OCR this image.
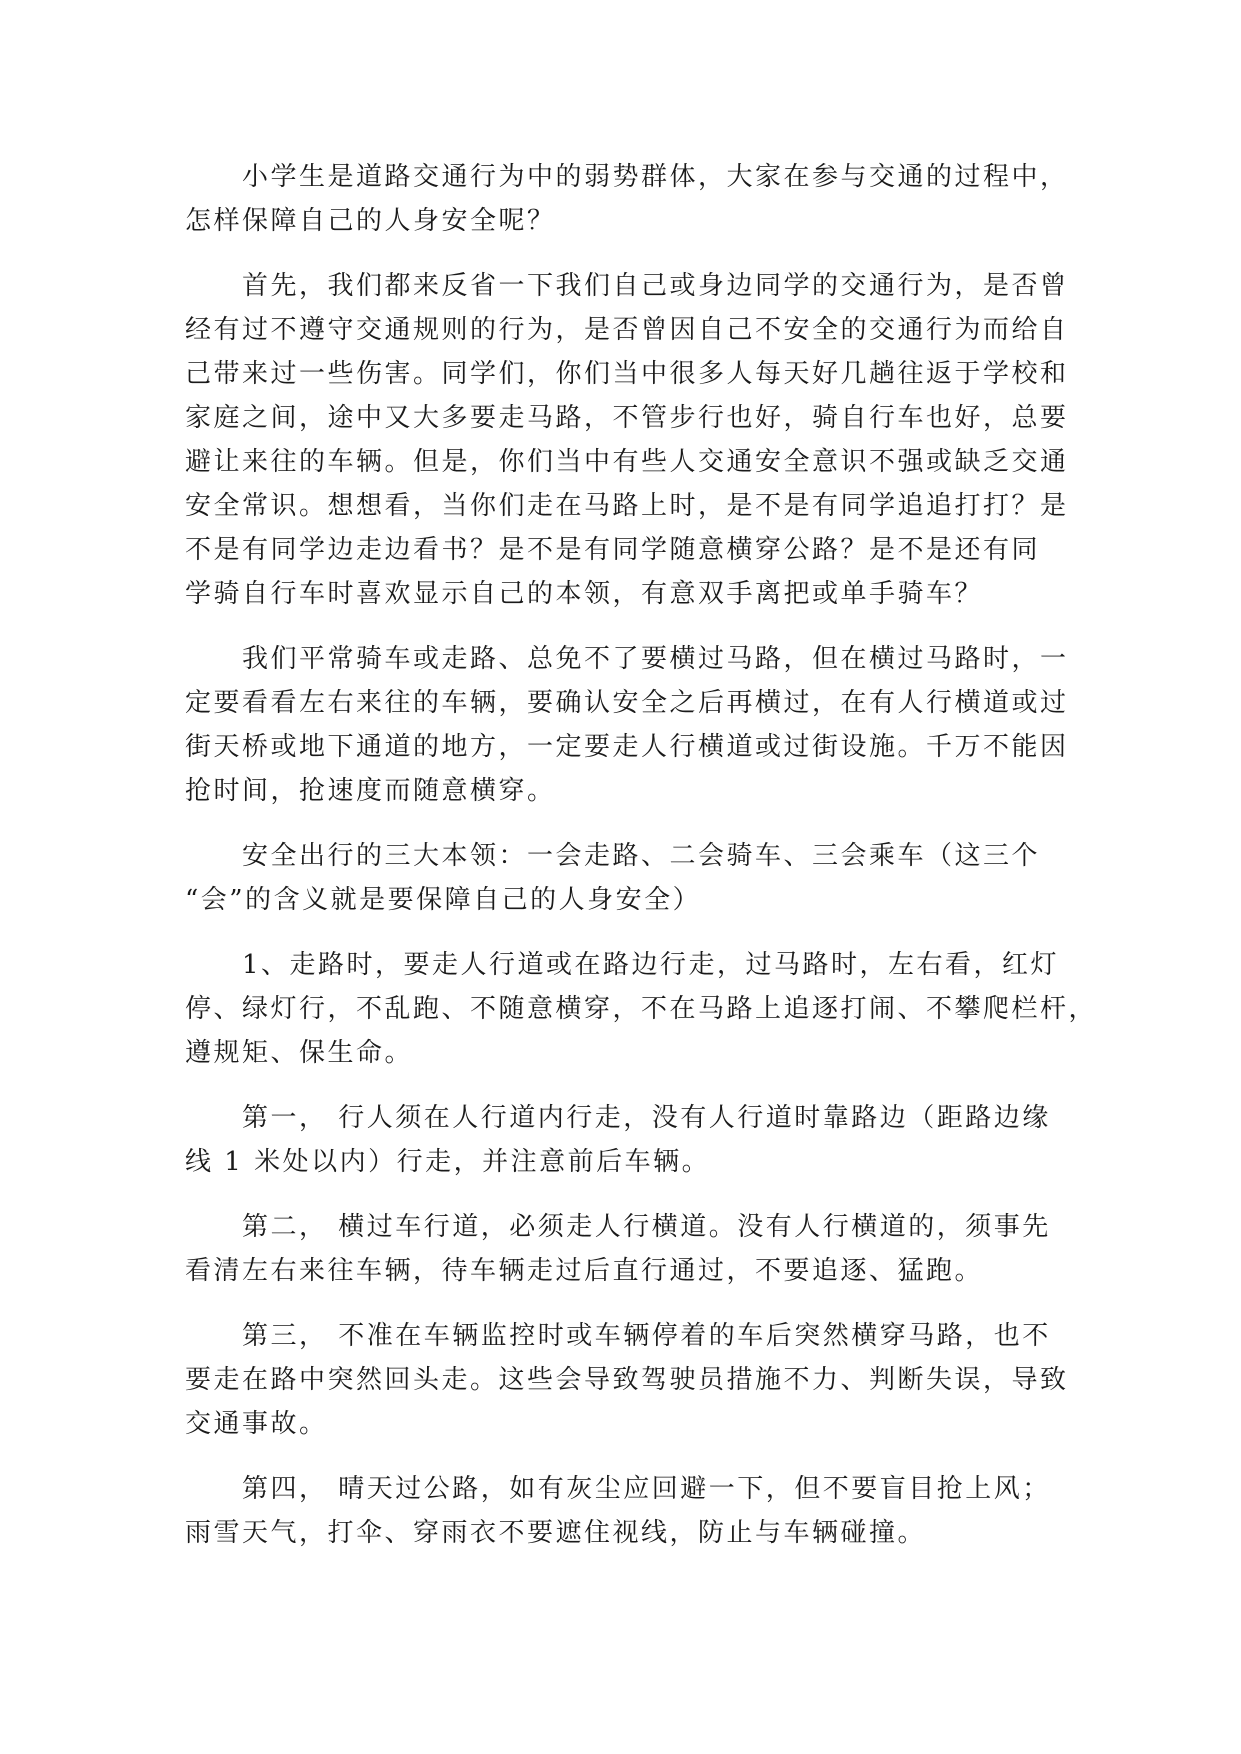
小学生是道路交通行为中的弱势群体，大家在参与交通的过程中，
怎样保障自己的人身安全呢？

首先，我们都来反省一下我们自己或身边同学的交通行为，是否曾
经有过不遵守交通规则的行为，是否曾因自己不安全的交通行为而给自
己带来过一些伤害。同学们，你们当中很多人每天好几趟往返于学校和
家庭之间，途中又大多要走马路，不管步行也好，骑自行车也好，总要
避让来往的车辆。但是，你们当中有些人交通安全意识不强或缺乏交通
安全常识。想想看，当你们走在马路上时，是不是有同学追追打打？是
不是有同学边走边看书？是不是有同学随意横穿公路？是不是还有同
学骑自行车时喜欢显示自己的本领，有意双手离把或单手骑车？

我们平常骑车或走路、总免不了要横过马路，但在横过马路时，一
定要看看左右来往的车辆，要确认安全之后再横过，在有人行横道或过
街天桥或地下通道的地方，一定要走人行横道或过街设施。千万不能因
抢时间，抢速度而随意横穿。

安全出行的三大本领：一会走路、二会骑车、三会乘车（这三个
“会”的含义就是要保障自己的人身安全）

1、走路时，要走人行道或在路边行走，过马路时，左右看，红灯
停、绿灯行，不乱跑、不随意横穿，不在马路上追逐打闹、不攀爬栏杆，
遵规矩、保生命。

第一， 行人须在人行道内行走，没有人行道时靠路边（距路边缘
线 1 米处以内）行走，并注意前后车辆。

第二， 横过车行道，必须走人行横道。没有人行横道的，须事先
看清左右来往车辆，待车辆走过后直行通过，不要追逐、猛跑。

第三， 不准在车辆监控时或车辆停着的车后突然横穿马路，也不
要走在路中突然回头走。这些会导致驾驶员措施不力、判断失误，导致
交通事故。

第四， 晴天过公路，如有灰尘应回避一下，但不要盲目抢上风；
雨雪天气，打伞、穿雨衣不要遮住视线，防止与车辆碰撞。
